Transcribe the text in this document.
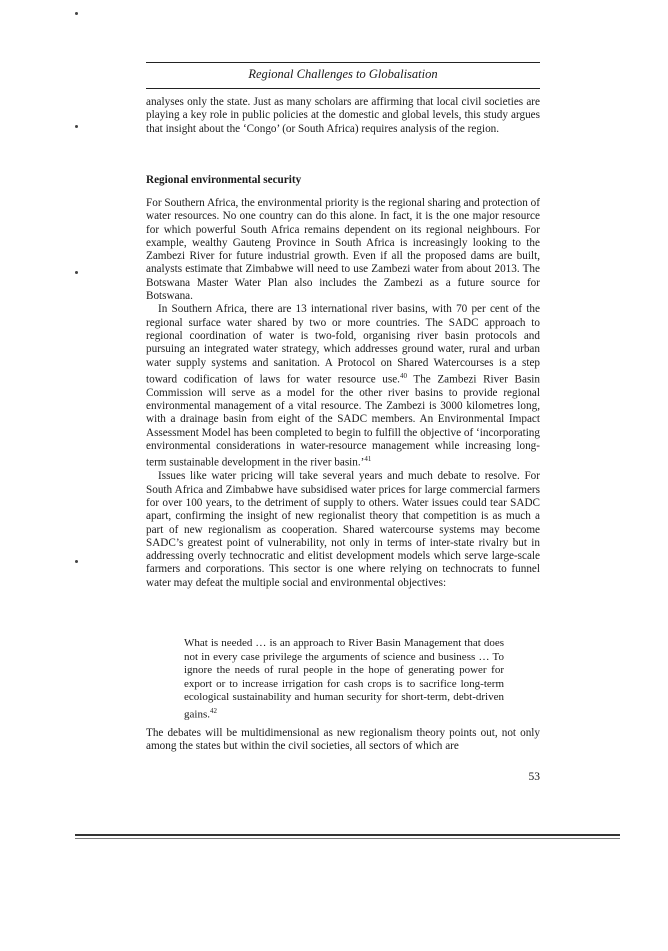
Regional Challenges to Globalisation

analyses only the state. Just as many scholars are affirming that local civil societies are playing a key role in public policies at the domestic and global levels, this study argues that insight about the ‘Congo’ (or South Africa) requires analysis of the region.

Regional environmental security

For Southern Africa, the environmental priority is the regional sharing and protection of water resources. No one country can do this alone. In fact, it is the one major resource for which powerful South Africa remains dependent on its regional neighbours. For example, wealthy Gauteng Province in South Africa is increasingly looking to the Zambezi River for future industrial growth. Even if all the proposed dams are built, analysts estimate that Zimbabwe will need to use Zambezi water from about 2013. The Botswana Master Water Plan also includes the Zambezi as a future source for Botswana.

In Southern Africa, there are 13 international river basins, with 70 per cent of the regional surface water shared by two or more countries. The SADC approach to regional coordination of water is two-fold, organising river basin protocols and pursuing an integrated water strategy, which addresses ground water, rural and urban water supply systems and sanitation. A Protocol on Shared Watercourses is a step toward codification of laws for water resource use.$^{40}$ The Zambezi River Basin Commission will serve as a model for the other river basins to provide regional environmental management of a vital resource. The Zambezi is 3000 kilometres long, with a drainage basin from eight of the SADC members. An Environmental Impact Assessment Model has been completed to begin to fulfill the objective of ‘incorporating environmental considerations in water-resource management while increasing long-term sustainable development in the river basin.’$^{41}$

Issues like water pricing will take several years and much debate to resolve. For South Africa and Zimbabwe have subsidised water prices for large commercial farmers for over 100 years, to the detriment of supply to others. Water issues could tear SADC apart, confirming the insight of new regionalist theory that competition is as much a part of new regionalism as cooperation. Shared watercourse systems may become SADC’s greatest point of vulnerability, not only in terms of inter-state rivalry but in addressing overly technocratic and elitist development models which serve large-scale farmers and corporations. This sector is one where relying on technocrats to funnel water may defeat the multiple social and environmental objectives:

What is needed … is an approach to River Basin Management that does not in every case privilege the arguments of science and business … To ignore the needs of rural people in the hope of generating power for export or to increase irrigation for cash crops is to sacrifice long-term ecological sustainability and human security for short-term, debt-driven gains.$^{42}$

The debates will be multidimensional as new regionalism theory points out, not only among the states but within the civil societies, all sectors of which are

53
